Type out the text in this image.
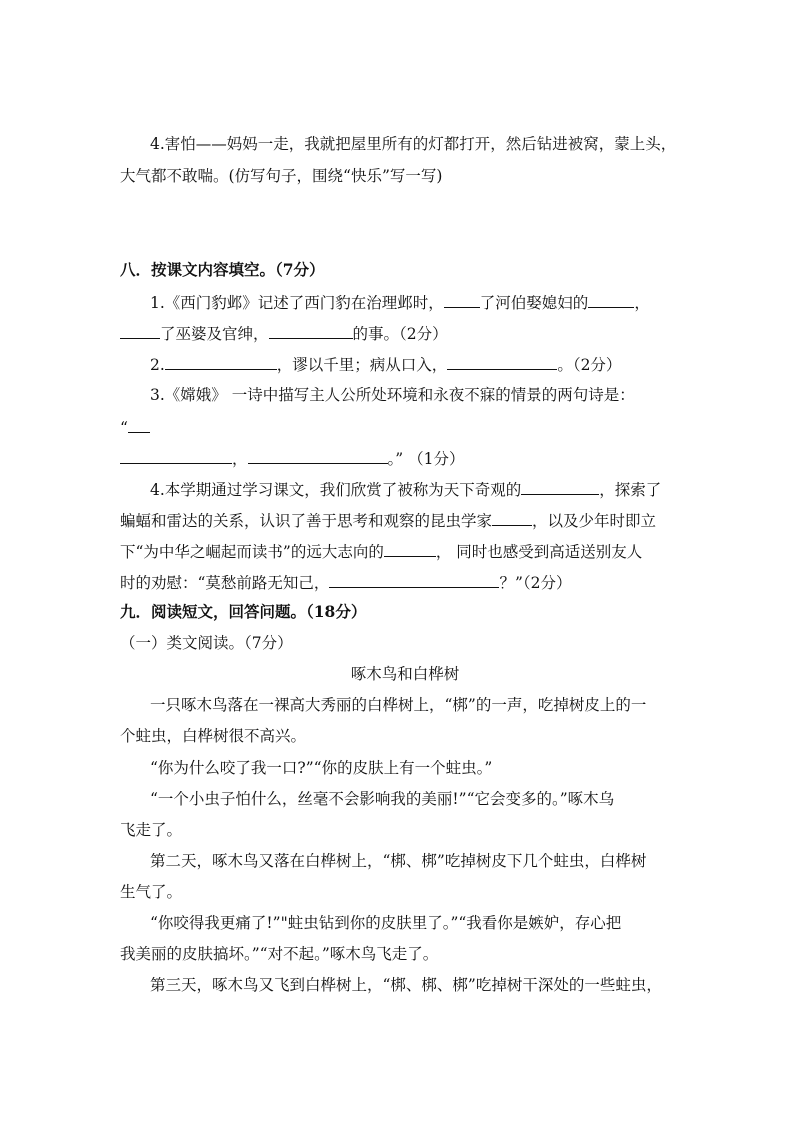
4.害怕——妈妈一走，我就把屋里所有的灯都打开，然后钻进被窝，蒙上头，
大气都不敢喘。(仿写句子，围绕“快乐”写一写)
八．按课文内容填空。（7分）
1.《西门豹邺》记述了西门豹在治理邺时， 了河伯娶媳妇的	，
了巫婆及官绅，	的事。（2分）
2.	，谬以千里；病从口入，	。（2分）
3.《嫦娥》 一诗中描写主人公所处环境和永夜不寐的情景的两句诗是：
“
，	。” （1分）
4.本学期通过学习课文，我们欣赏了被称为天下奇观的	，探索了
蝙蝠和雷达的关系，认识了善于思考和观察的昆虫学家	，以及少年时即立
下“为中华之崛起而读书”的远大志向的	， 同时也感受到高适送别友人
时的劝慰：“莫愁前路无知己，	？”（2分）
九．阅读短文，回答问题。（18分）
（一）类文阅读。（7分）
啄木鸟和白桦树
一只啄木鸟落在一裸高大秀丽的白桦树上，“梆”的一声，吃掉树皮上的一
个蛀虫，白桦树很不高兴。
“你为什么咬了我一口?”“你的皮肤上有一个蛀虫。”
“一个小虫子怕什么，丝毫不会影响我的美丽!”“它会变多的。”啄木乌
飞走了。
第二天，啄木鸟又落在白桦树上，“梆、梆”吃掉树皮下几个蛀虫，白桦树
生气了。
“你咬得我更痛了!”"蛀虫钻到你的皮肤里了。”“我看你是嫉妒，存心把
我美丽的皮肤搞坏。”“对不起。”啄木鸟飞走了。
第三天，啄木鸟又飞到白桦树上，“梆、梆、梆”吃掉树干深处的一些蛀虫，
